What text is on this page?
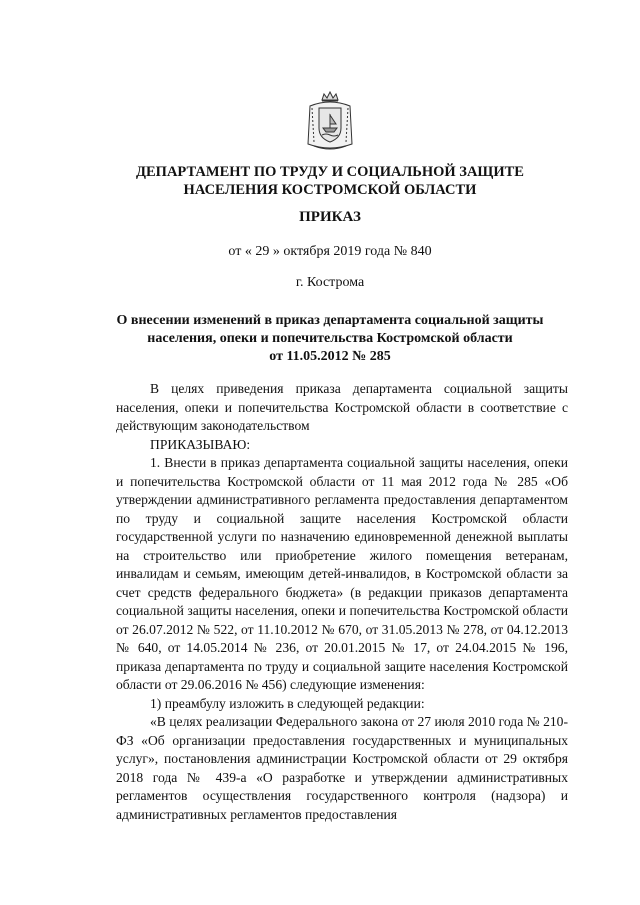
ДЕПАРТАМЕНТ ПО ТРУДУ И СОЦИАЛЬНОЙ ЗАЩИТЕ
НАСЕЛЕНИЯ КОСТРОМСКОЙ ОБЛАСТИ
ПРИКАЗ
от « 29 » октября 2019 года № 840
г. Кострома
О внесении изменений в приказ департамента социальной защиты
населения, опеки и попечительства Костромской области
от 11.05.2012 № 285

В целях приведения приказа департамента социальной защиты населения, опеки и попечительства Костромской области в соответствие с действующим законодательством

ПРИКАЗЫВАЮ:

1. Внести в приказ департамента социальной защиты населения, опеки и попечительства Костромской области от 11 мая 2012 года № 285 «Об утверждении административного регламента предоставления департаментом по труду и социальной защите населения Костромской области государственной услуги по назначению единовременной денежной выплаты на строительство или приобретение жилого помещения ветеранам, инвалидам и семьям, имеющим детей-инвалидов, в Костромской области за счет средств федерального бюджета» (в редакции приказов департамента социальной защиты населения, опеки и попечительства Костромской области от 26.07.2012 № 522, от 11.10.2012 № 670, от 31.05.2013 № 278, от 04.12.2013 № 640, от 14.05.2014 № 236, от 20.01.2015 № 17, от 24.04.2015 № 196, приказа департамента по труду и социальной защите населения Костромской области от 29.06.2016 № 456) следующие изменения:

1) преамбулу изложить в следующей редакции:

«В целях реализации Федерального закона от 27 июля 2010 года № 210-ФЗ «Об организации предоставления государственных и муниципальных услуг», постановления администрации Костромской области от 29 октября 2018 года № 439-а «О разработке и утверждении административных регламентов осуществления государственного контроля (надзора) и административных регламентов предоставления
